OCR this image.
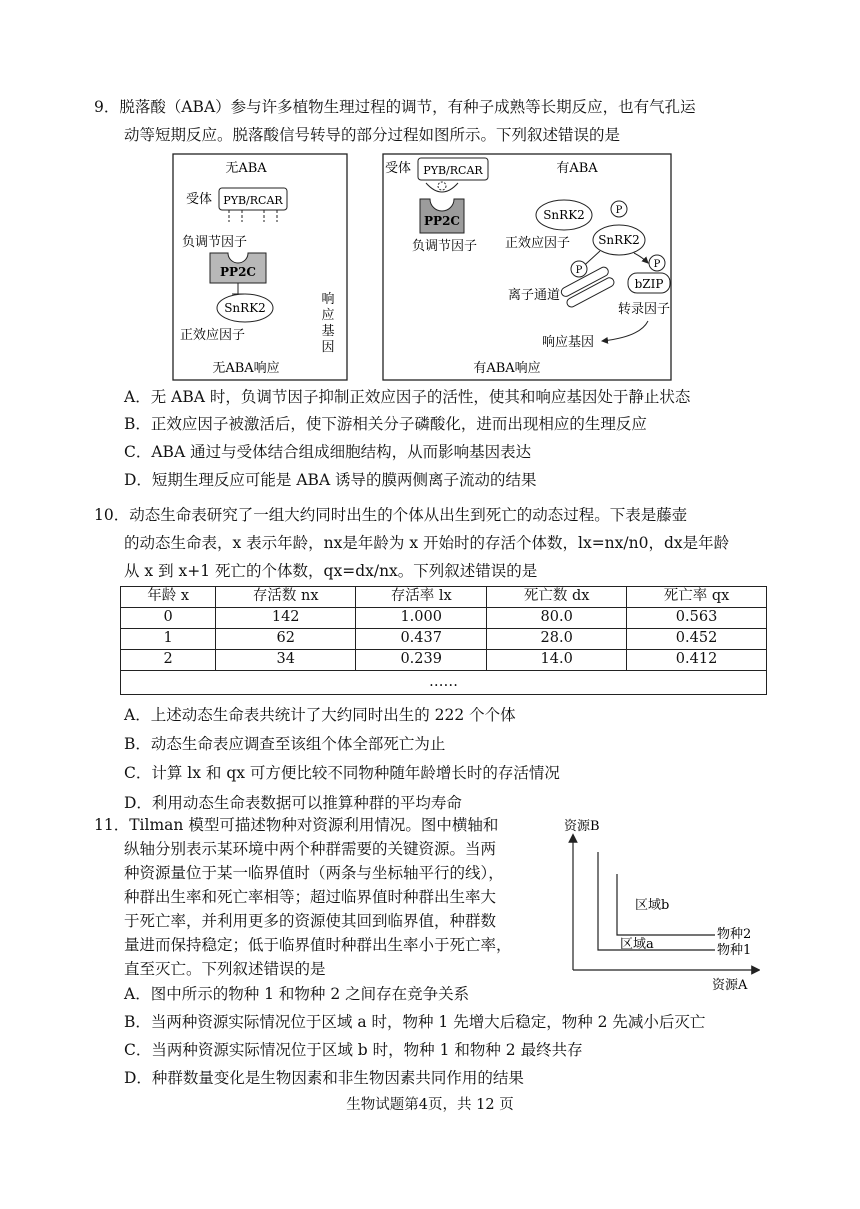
9．脱落酸（ABA）参与许多植物生理过程的调节，有种子成熟等长期反应，也有气孔运
动等短期反应。脱落酸信号转导的部分过程如图所示。下列叙述错误的是
无ABA
受体 PYB/RCAR
负调节因子
PP2C
SnRK2
正效应因子
响
应
基
因
无ABA响应
受体 PYB/RCAR	有ABA
PP2C
负调节因子
SnRK2	P
正效应因子 SnRK2
P
离子通道
P
bZIP
转录因子
响应基因
有ABA响应
A．无 ABA 时，负调节因子抑制正效应因子的活性，使其和响应基因处于静止状态
B．正效应因子被激活后，使下游相关分子磷酸化，进而出现相应的生理反应
C．ABA 通过与受体结合组成细胞结构，从而影响基因表达
D．短期生理反应可能是 ABA 诱导的膜两侧离子流动的结果
10．动态生命表研究了一组大约同时出生的个体从出生到死亡的动态过程。下表是藤壶
的动态生命表，x 表示年龄，nx是年龄为 x 开始时的存活个体数，lx=nx/n0，dx是年龄
从 x 到 x+1 死亡的个体数，qx=dx/nx。下列叙述错误的是
年龄 x	存活数 nx	存活率 lx	死亡数 dx	死亡率 qx
0	142	1.000	80.0	0.563
1	62	0.437	28.0	0.452
2	34	0.239	14.0	0.412
……				
A．上述动态生命表共统计了大约同时出生的 222 个个体
B．动态生命表应调查至该组个体全部死亡为止
C．计算 lx 和 qx 可方便比较不同物种随年龄增长时的存活情况
D．利用动态生命表数据可以推算种群的平均寿命
11．Tilman 模型可描述物种对资源利用情况。图中横轴和
纵轴分别表示某环境中两个种群需要的关键资源。当两
种资源量位于某一临界值时（两条与坐标轴平行的线），
种群出生率和死亡率相等；超过临界值时种群出生率大
于死亡率，并利用更多的资源使其回到临界值，种群数
量进而保持稳定；低于临界值时种群出生率小于死亡率，
直至灭亡。下列叙述错误的是
资源B
区域b
区域a
物种2
物种1
资源A
A．图中所示的物种 1 和物种 2 之间存在竞争关系
B．当两种资源实际情况位于区域 a 时，物种 1 先增大后稳定，物种 2 先减小后灭亡
C．当两种资源实际情况位于区域 b 时，物种 1 和物种 2 最终共存
D．种群数量变化是生物因素和非生物因素共同作用的结果
生物试题第4页，共 12 页
